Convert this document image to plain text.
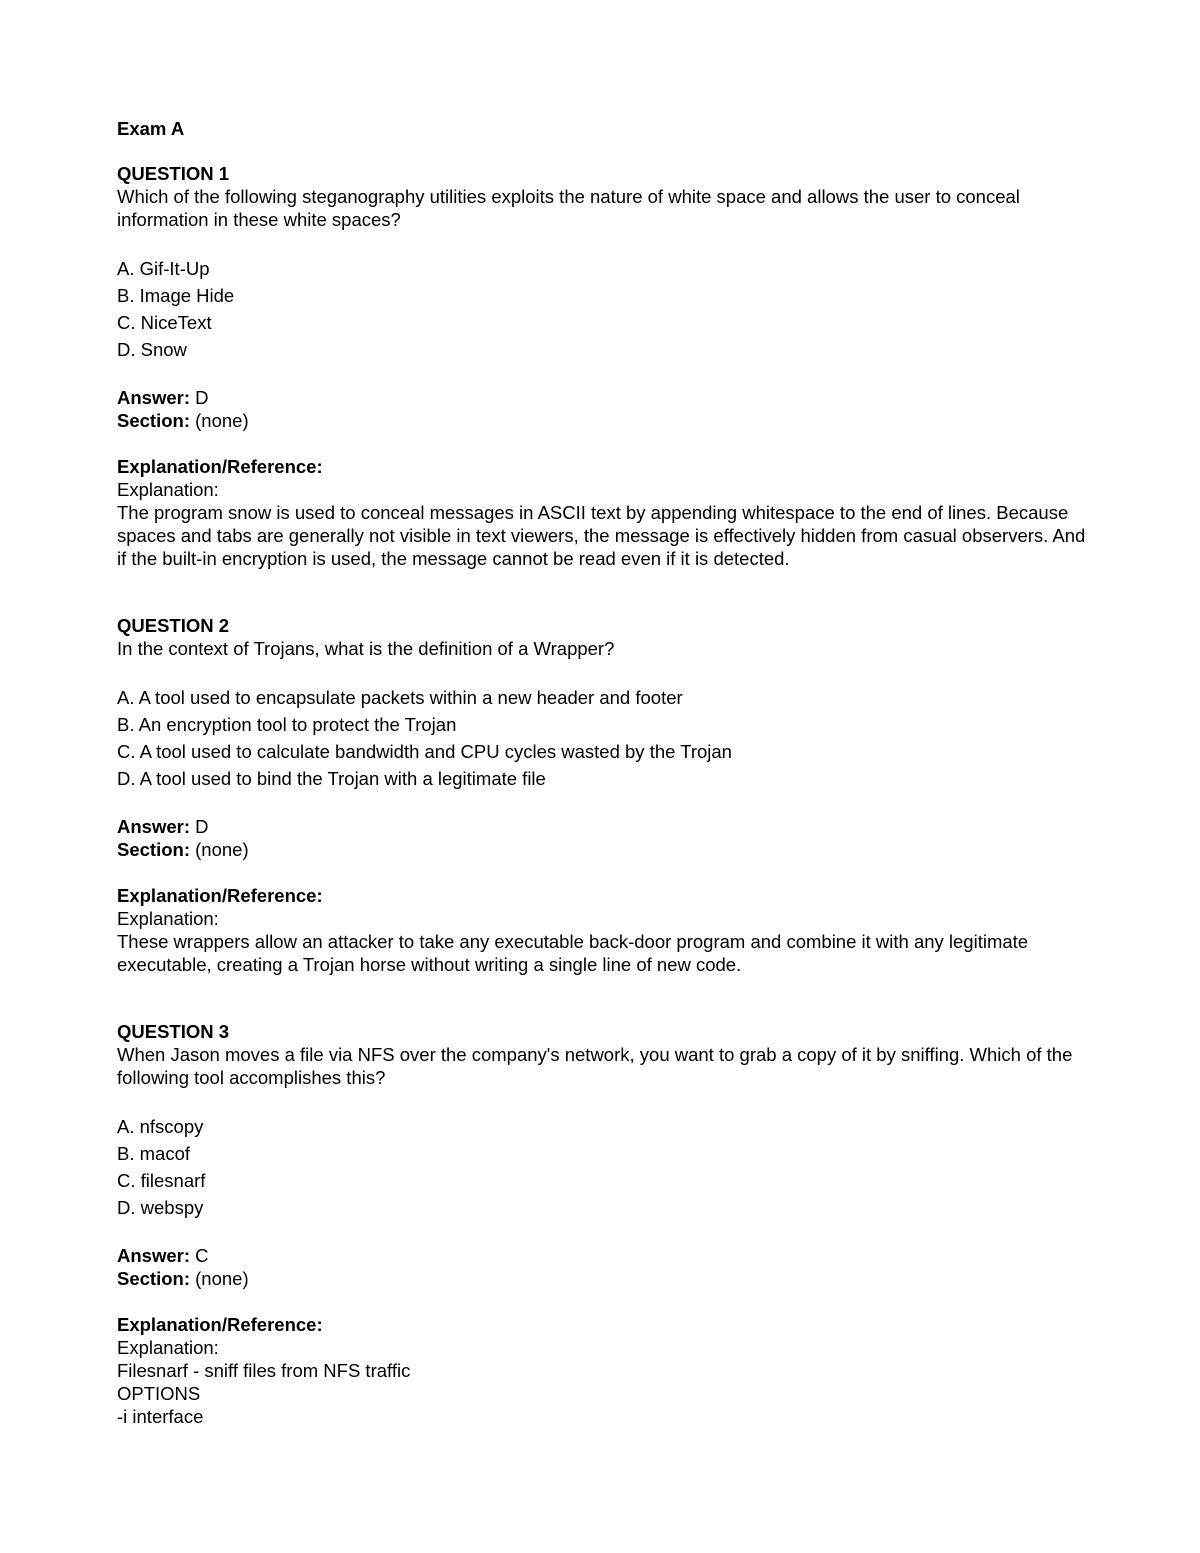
Exam A
QUESTION 1
Which of the following steganography utilities exploits the nature of white space and allows the user to conceal information in these white spaces?
A. Gif-It-Up
B. Image Hide
C. NiceText
D. Snow
Answer: D
Section: (none)
Explanation/Reference:
Explanation:
The program snow is used to conceal messages in ASCII text by appending whitespace to the end of lines. Because spaces and tabs are generally not visible in text viewers, the message is effectively hidden from casual observers. And if the built-in encryption is used, the message cannot be read even if it is detected.
QUESTION 2
In the context of Trojans, what is the definition of a Wrapper?
A. A tool used to encapsulate packets within a new header and footer
B. An encryption tool to protect the Trojan
C. A tool used to calculate bandwidth and CPU cycles wasted by the Trojan
D. A tool used to bind the Trojan with a legitimate file
Answer: D
Section: (none)
Explanation/Reference:
Explanation:
These wrappers allow an attacker to take any executable back-door program and combine it with any legitimate executable, creating a Trojan horse without writing a single line of new code.
QUESTION 3
When Jason moves a file via NFS over the company's network, you want to grab a copy of it by sniffing. Which of the following tool accomplishes this?
A. nfscopy
B. macof
C. filesnarf
D. webspy
Answer: C
Section: (none)
Explanation/Reference:
Explanation:
Filesnarf - sniff files from NFS traffic
OPTIONS
-i interface
